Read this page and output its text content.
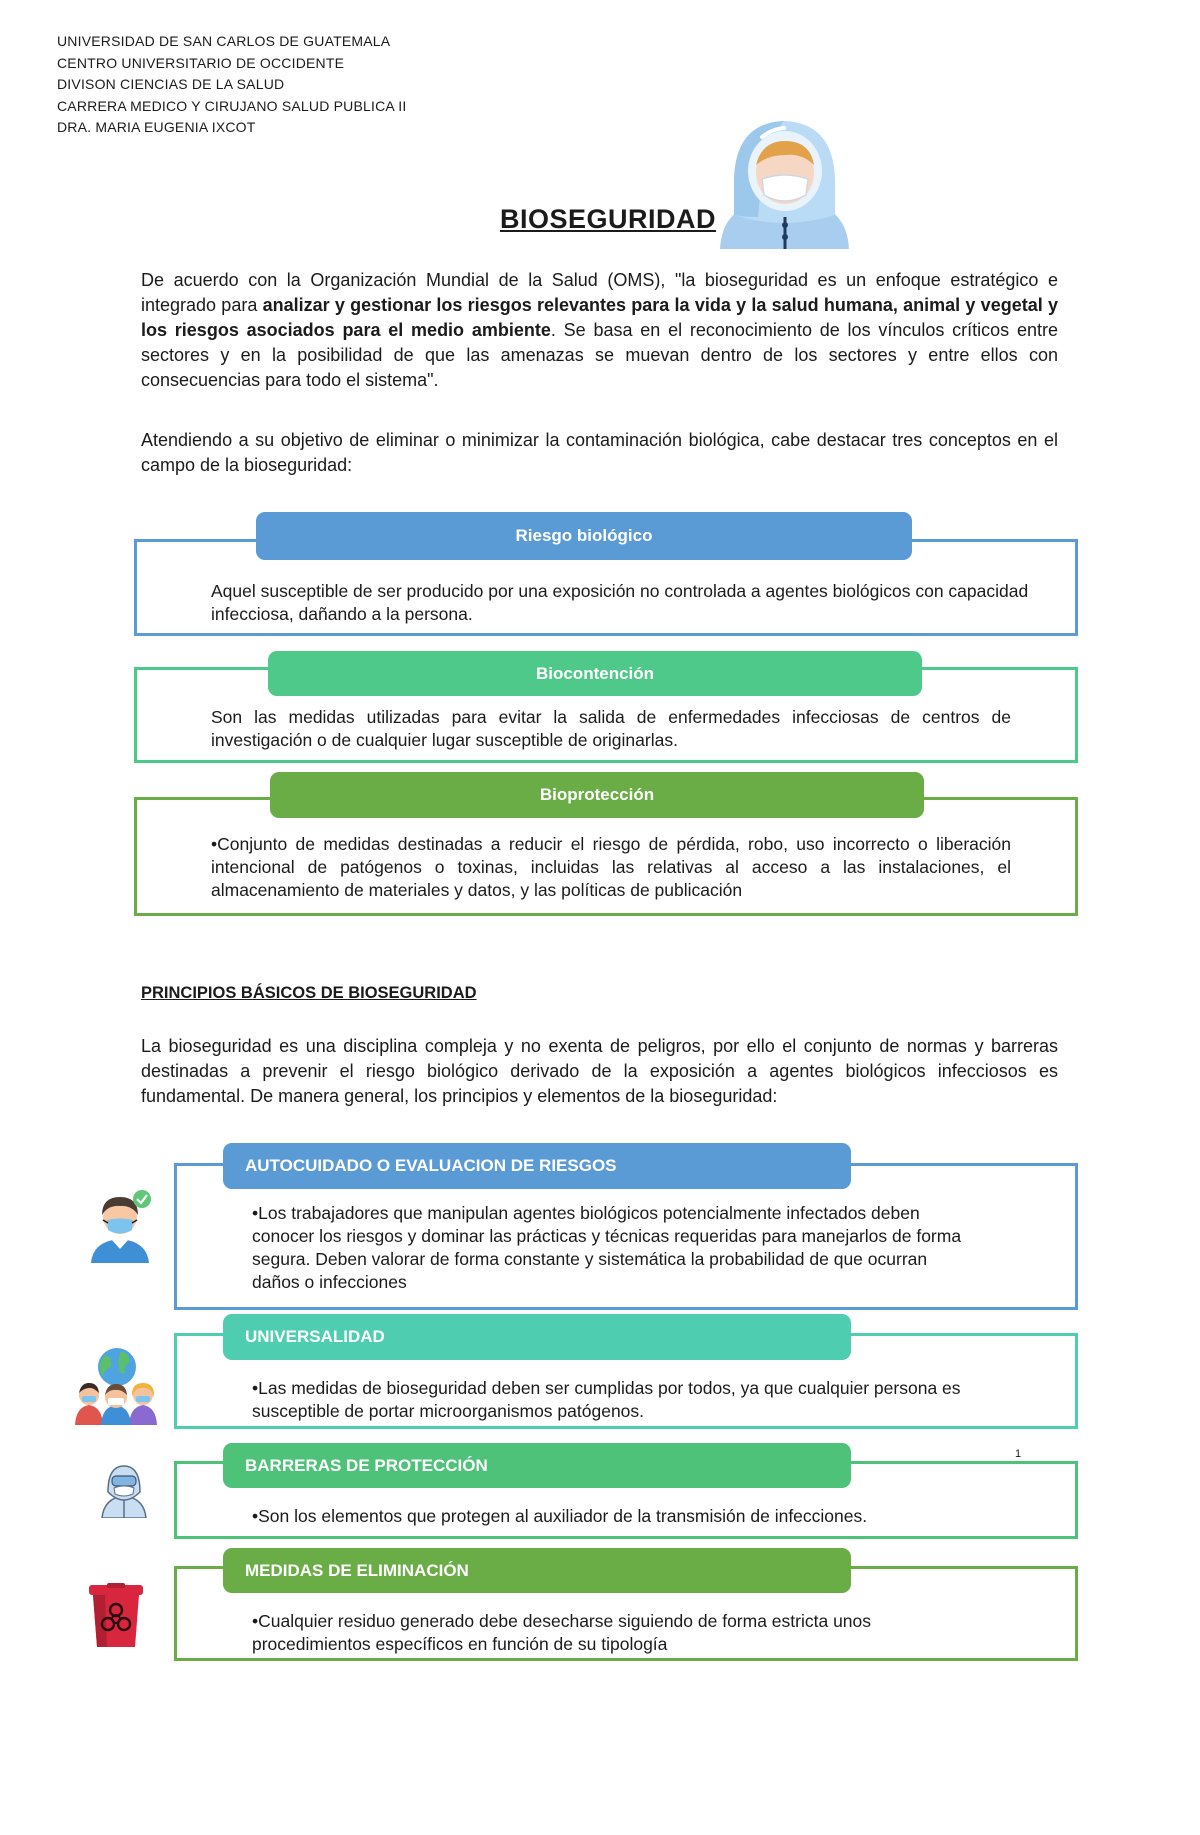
UNIVERSIDAD DE SAN CARLOS DE GUATEMALA
CENTRO UNIVERSITARIO DE OCCIDENTE
DIVISON CIENCIAS DE LA SALUD
CARRERA MEDICO Y CIRUJANO SALUD PUBLICA II
DRA. MARIA EUGENIA IXCOT
BIOSEGURIDAD
De acuerdo con la Organización Mundial de la Salud (OMS), "la bioseguridad es un enfoque estratégico e integrado para analizar y gestionar los riesgos relevantes para la vida y la salud humana, animal y vegetal y los riesgos asociados para el medio ambiente. Se basa en el reconocimiento de los vínculos críticos entre sectores y en la posibilidad de que las amenazas se muevan dentro de los sectores y entre ellos con consecuencias para todo el sistema".
Atendiendo a su objetivo de eliminar o minimizar la contaminación biológica, cabe destacar tres conceptos en el campo de la bioseguridad:
Aquel susceptible de ser producido por una exposición no controlada a agentes biológicos con capacidad infecciosa, dañando a la persona.
Riesgo biológico
Son las medidas utilizadas para evitar la salida de enfermedades infecciosas de centros de investigación o de cualquier lugar susceptible de originarlas.
Biocontención
•Conjunto de medidas destinadas a reducir el riesgo de pérdida, robo, uso incorrecto o liberación intencional de patógenos o toxinas, incluidas las relativas al acceso a las instalaciones, el almacenamiento de materiales y datos, y las políticas de publicación
Bioprotección
PRINCIPIOS BÁSICOS DE BIOSEGURIDAD
La bioseguridad es una disciplina compleja y no exenta de peligros, por ello el conjunto de normas y barreras destinadas a prevenir el riesgo biológico derivado de la exposición a agentes biológicos infecciosos es fundamental. De manera general, los principios y elementos de la bioseguridad:
•Los trabajadores que manipulan agentes biológicos potencialmente infectados deben conocer los riesgos y dominar las prácticas y técnicas requeridas para manejarlos de forma segura. Deben valorar de forma constante y sistemática la probabilidad de que ocurran daños o infecciones
AUTOCUIDADO O EVALUACION DE RIESGOS
•Las medidas de bioseguridad deben ser cumplidas por todos, ya que cualquier persona es susceptible de portar microorganismos patógenos.
UNIVERSALIDAD
•Son los elementos que protegen al auxiliador de la transmisión de infecciones.
BARRERAS DE PROTECCIÓN
1
•Cualquier residuo generado debe desecharse siguiendo de forma estricta unos procedimientos específicos en función de su tipología
MEDIDAS DE ELIMINACIÓN
